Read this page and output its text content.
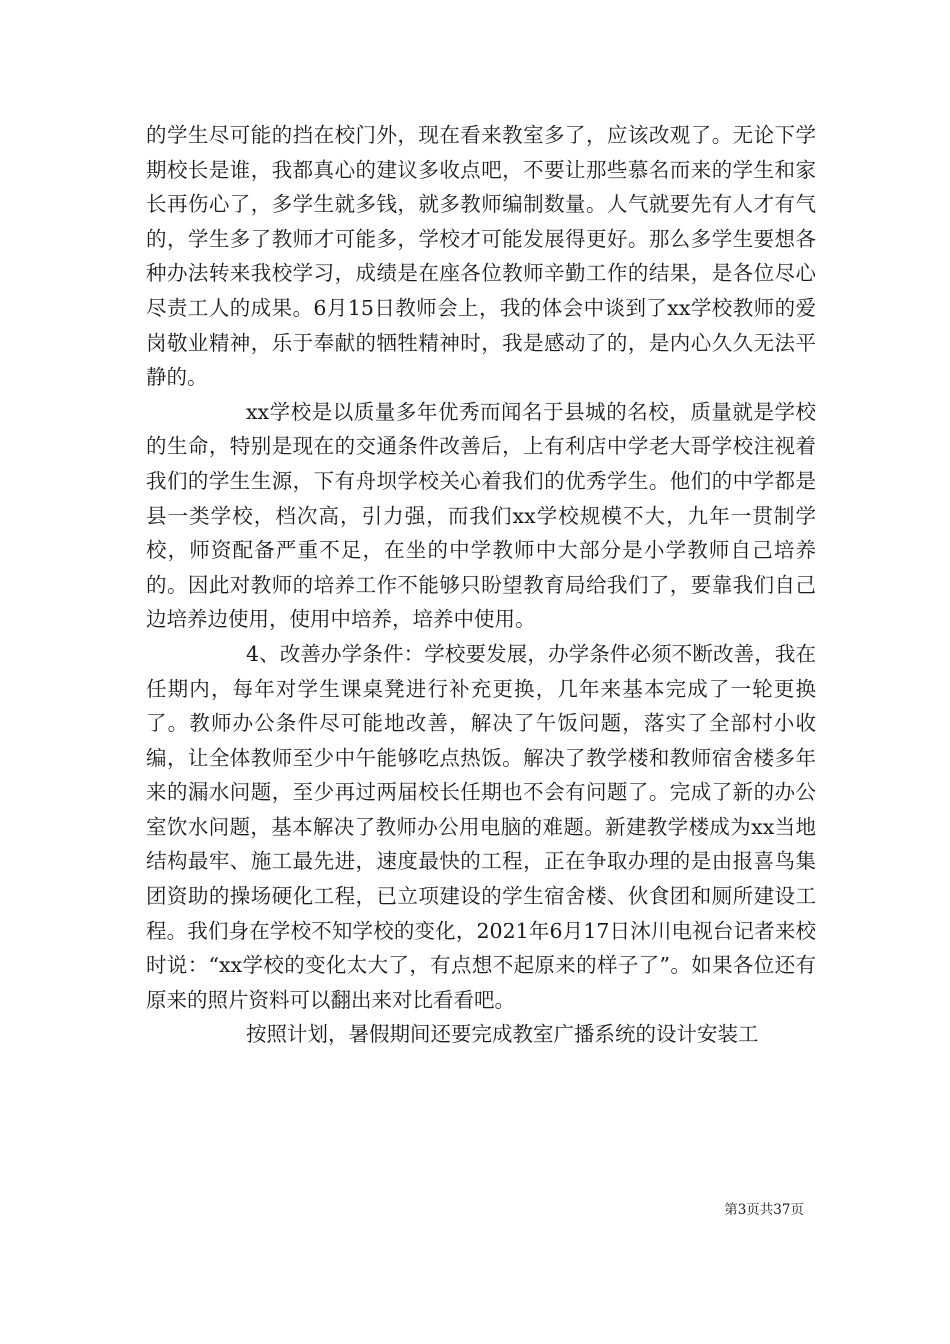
的学生尽可能的挡在校门外，现在看来教室多了，应该改观了。无论下学期校长是谁，我都真心的建议多收点吧，不要让那些慕名而来的学生和家长再伤心了，多学生就多钱，就多教师编制数量。人气就要先有人才有气的，学生多了教师才可能多，学校才可能发展得更好。那么多学生要想各种办法转来我校学习，成绩是在座各位教师辛勤工作的结果，是各位尽心尽责工人的成果。6月15日教师会上，我的体会中谈到了xx学校教师的爱岗敬业精神，乐于奉献的牺牲精神时，我是感动了的，是内心久久无法平静的。

xx学校是以质量多年优秀而闻名于县城的名校，质量就是学校的生命，特别是现在的交通条件改善后，上有利店中学老大哥学校注视着我们的学生生源，下有舟坝学校关心着我们的优秀学生。他们的中学都是县一类学校，档次高，引力强，而我们xx学校规模不大，九年一贯制学校，师资配备严重不足，在坐的中学教师中大部分是小学教师自己培养的。因此对教师的培养工作不能够只盼望教育局给我们了，要靠我们自己边培养边使用，使用中培养，培养中使用。

4、改善办学条件：学校要发展，办学条件必须不断改善，我在任期内，每年对学生课桌凳进行补充更换，几年来基本完成了一轮更换了。教师办公条件尽可能地改善，解决了午饭问题，落实了全部村小收编，让全体教师至少中午能够吃点热饭。解决了教学楼和教师宿舍楼多年来的漏水问题，至少再过两届校长任期也不会有问题了。完成了新的办公室饮水问题，基本解决了教师办公用电脑的难题。新建教学楼成为xx当地结构最牢、施工最先进，速度最快的工程，正在争取办理的是由报喜鸟集团资助的操场硬化工程，已立项建设的学生宿舍楼、伙食团和厕所建设工程。我们身在学校不知学校的变化，2021年6月17日沐川电视台记者来校时说：“xx学校的变化太大了，有点想不起原来的样子了”。如果各位还有原来的照片资料可以翻出来对比看看吧。

按照计划，暑假期间还要完成教室广播系统的设计安装工

第3页共37页
